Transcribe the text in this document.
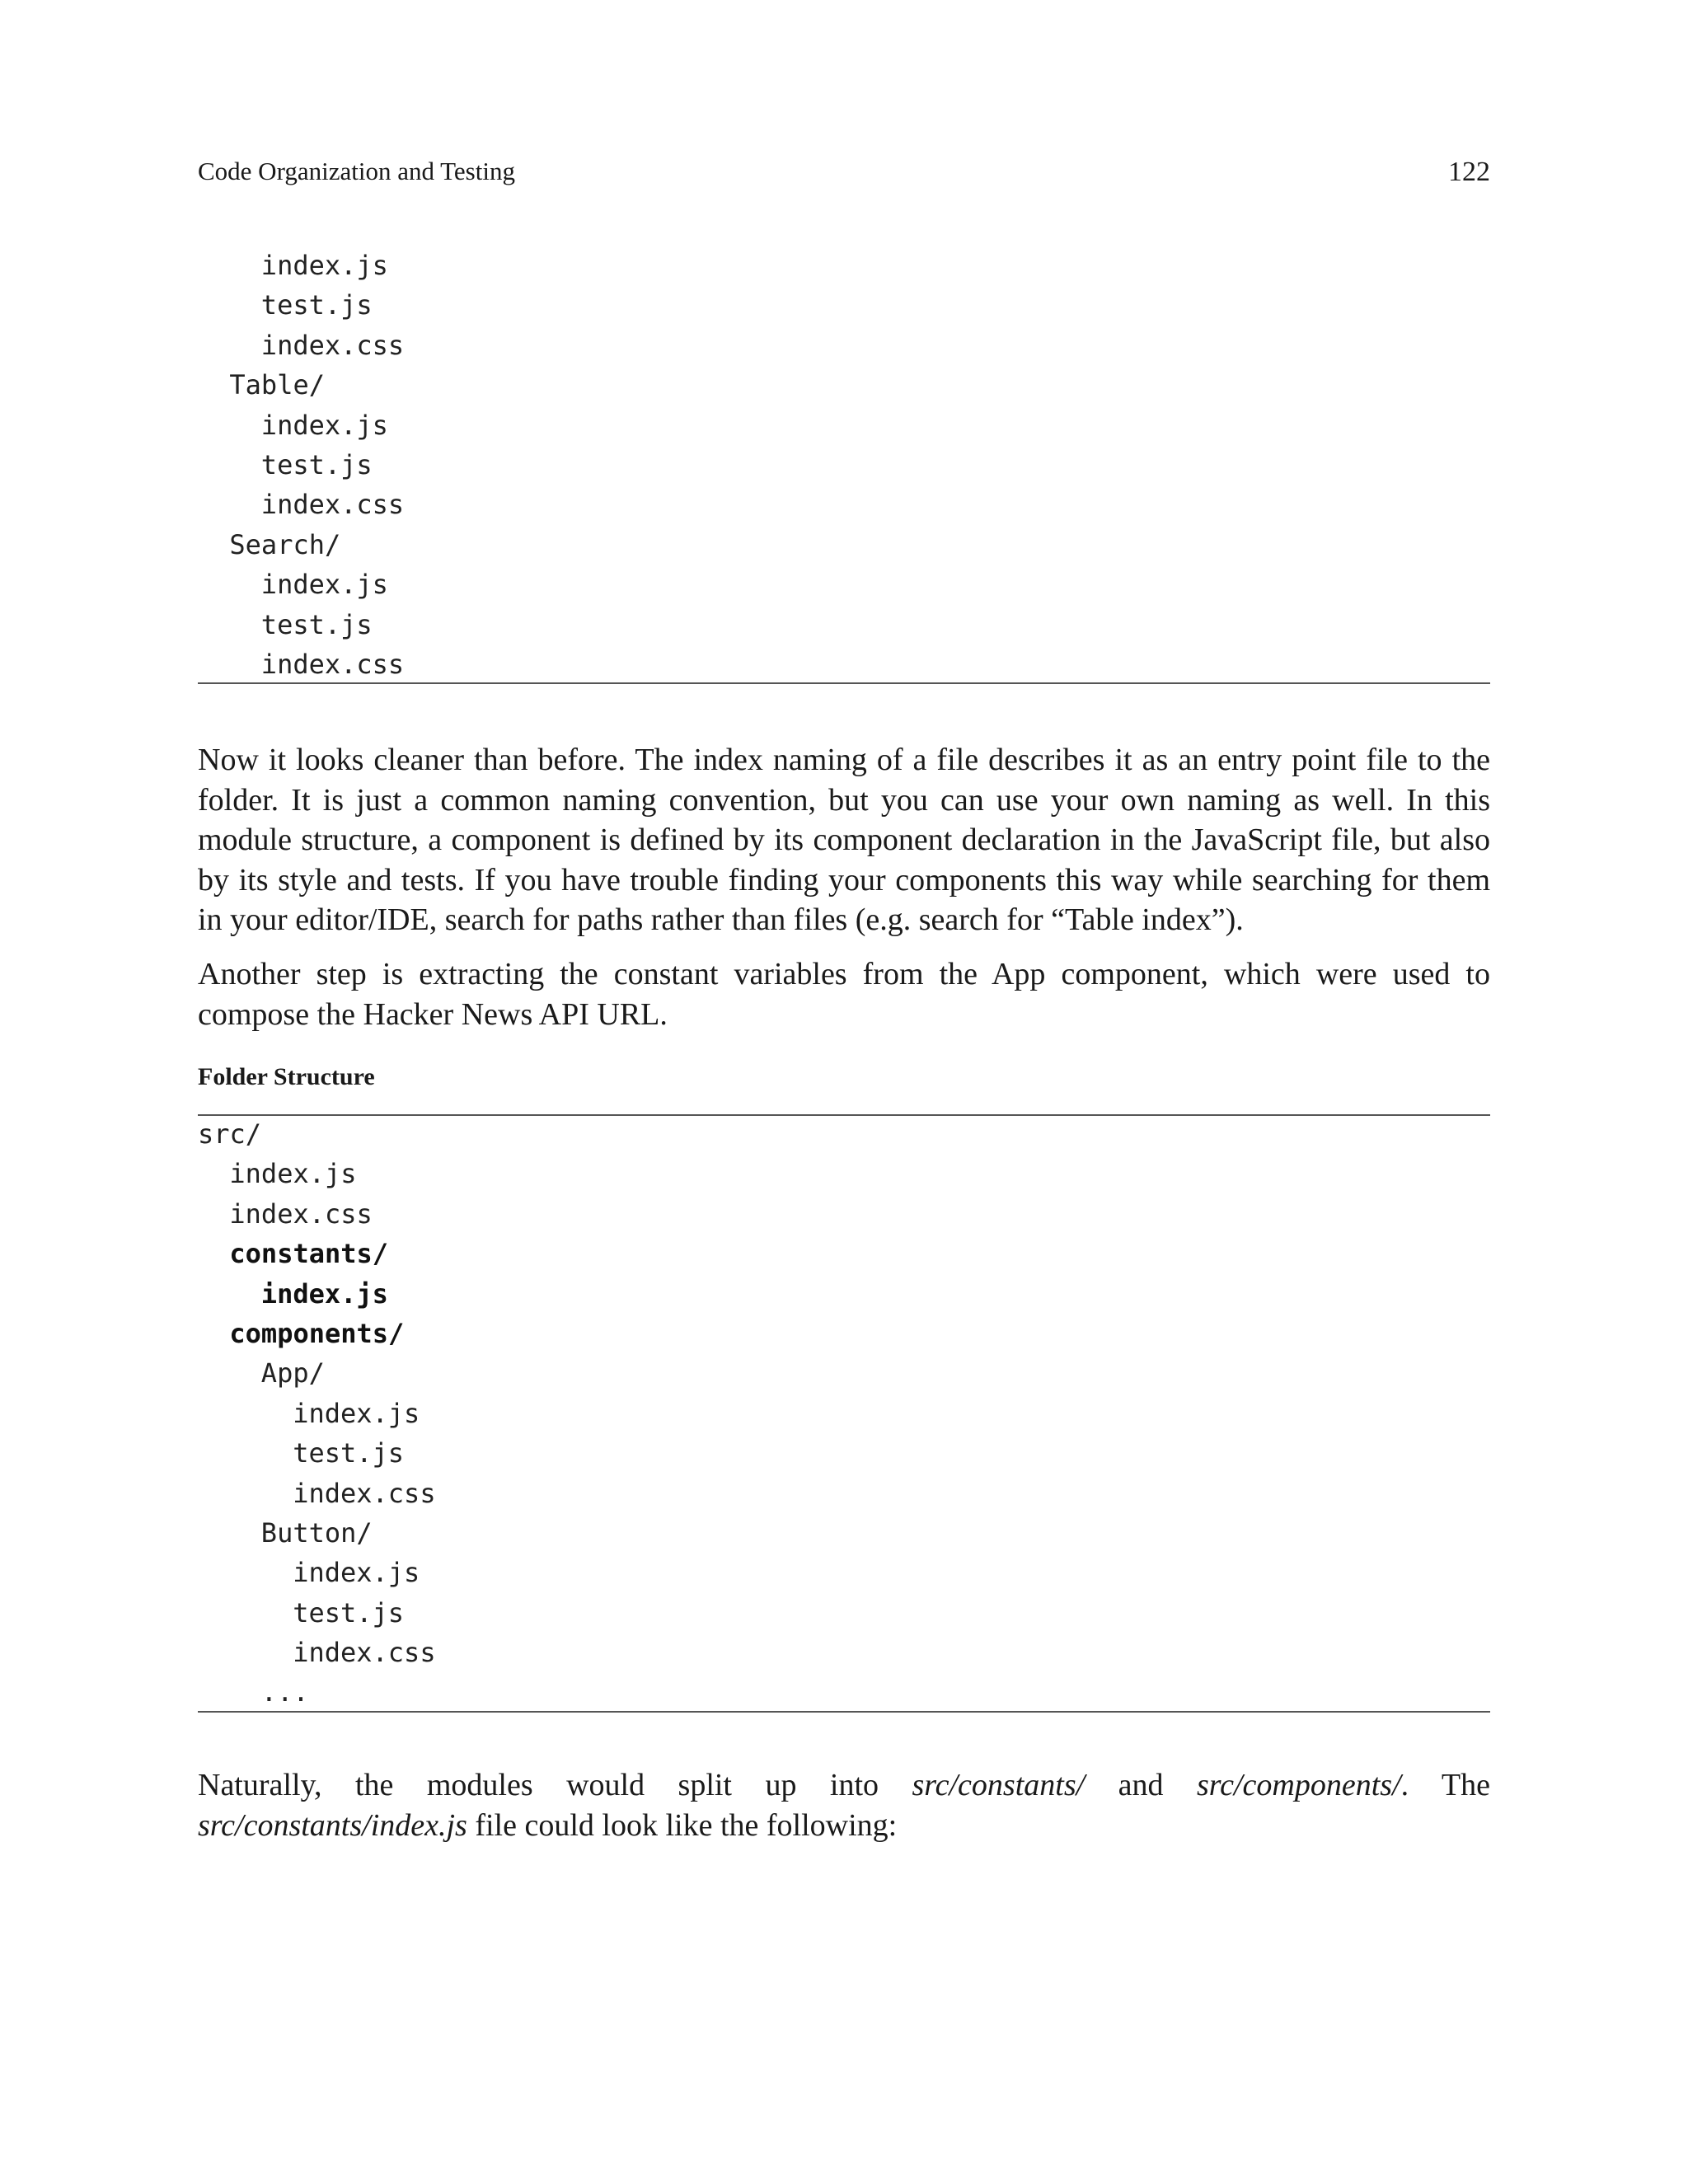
Code Organization and Testing	122
index.js
test.js
index.css
Table/
index.js
test.js
index.css
Search/
index.js
test.js
index.css
Now it looks cleaner than before. The index naming of a file describes it as an entry point file to the folder. It is just a common naming convention, but you can use your own naming as well. In this module structure, a component is defined by its component declaration in the JavaScript file, but also by its style and tests. If you have trouble finding your components this way while searching for them in your editor/IDE, search for paths rather than files (e.g. search for “Table index”).
Another step is extracting the constant variables from the App component, which were used to compose the Hacker News API URL.
Folder Structure
src/
index.js
index.css
constants/
index.js
components/
App/
index.js
test.js
index.css
Button/
index.js
test.js
index.css
...
Naturally, the modules would split up into src/constants/ and src/components/. The src/constants/index.js file could look like the following:
